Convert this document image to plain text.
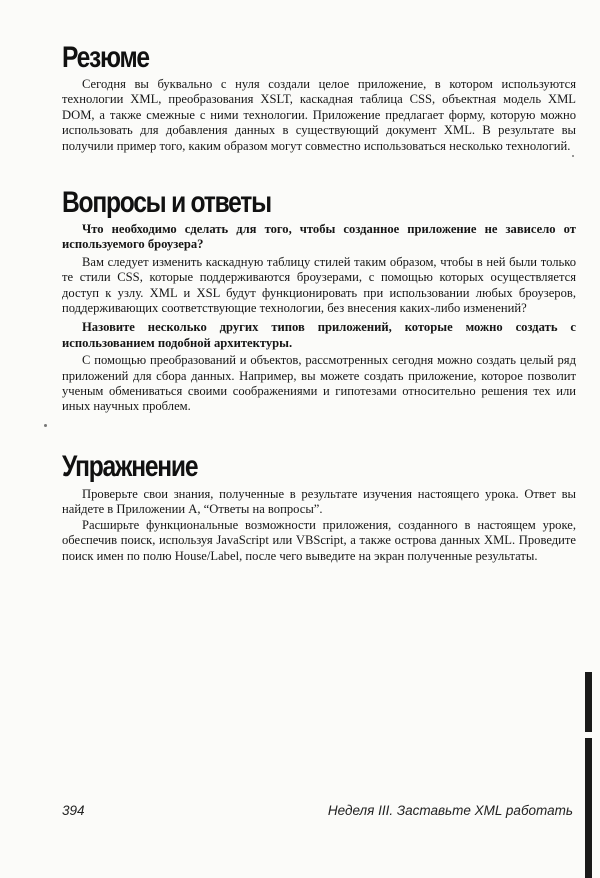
Резюме

Сегодня вы буквально с нуля создали целое приложение, в котором используются технологии XML, преобразования XSLT, каскадная таблица CSS, объектная модель XML DOM, а также смежные с ними технологии. Приложение предлагает форму, которую можно использовать для добавления данных в существующий документ XML. В результате вы получили пример того, каким образом могут совместно использоваться несколько технологий.

Вопросы и ответы

Что необходимо сделать для того, чтобы созданное приложение не зависело от используемого броузера?

Вам следует изменить каскадную таблицу стилей таким образом, чтобы в ней были только те стили CSS, которые поддерживаются броузерами, с помощью которых осуществляется доступ к узлу. XML и XSL будут функционировать при использовании любых броузеров, поддерживающих соответствующие технологии, без внесения каких-либо изменений?

Назовите несколько других типов приложений, которые можно создать с использованием подобной архитектуры.

С помощью преобразований и объектов, рассмотренных сегодня можно создать целый ряд приложений для сбора данных. Например, вы можете создать приложение, которое позволит ученым обмениваться своими соображениями и гипотезами относительно решения тех или иных научных проблем.

Упражнение

Проверьте свои знания, полученные в результате изучения настоящего урока. Ответ вы найдете в Приложении А, “Ответы на вопросы”.

Расширьте функциональные возможности приложения, созданного в настоящем уроке, обеспечив поиск, используя JavaScript или VBScript, а также острова данных XML. Проведите поиск имен по полю House/Label, после чего выведите на экран полученные результаты.

394	Неделя III. Заставьте XML работать
